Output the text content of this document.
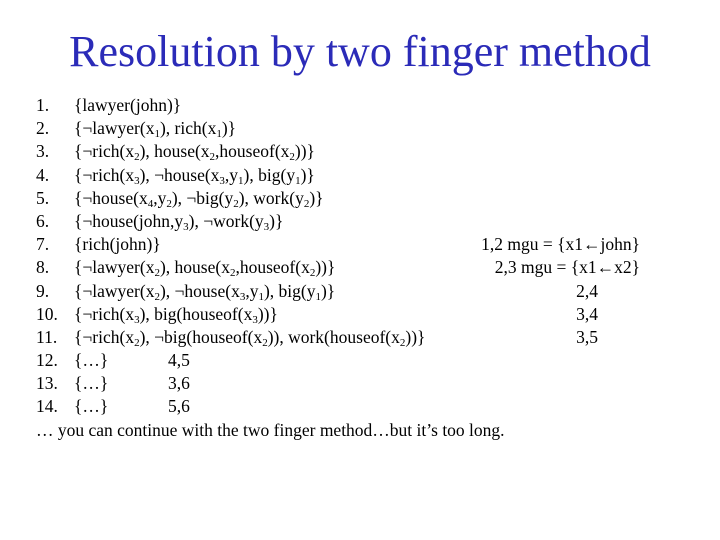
Resolution by two finger method
1. {lawyer(john)}
2. {$\neg lawyer(x_1)$, $rich(x_1)$}
3. {$\neg rich(x_2)$, $house(x_2,houseof(x_2))$}
4. {$\neg rich(x_3)$, $\neg house(x_3,y_1)$, $big(y_1)$}
5. {$\neg house(x_4,y_2)$, $\neg big(y_2)$, $work(y_2)$}
6. {$\neg house(john,y_3)$, $\neg work(y_3)$}
7. {rich(john)}	1,2 mgu = {x1←john}
8. {$\neg lawyer(x_2)$, $house(x_2,houseof(x_2))$}	2,3 mgu = {x1←x2}
9. {$\neg lawyer(x_2)$, $\neg house(x_3,y_1)$, $big(y_1)$}	2,4
10. {$\neg rich(x_3)$, $big(houseof(x_3))$}	3,4
11. {$\neg rich(x_2)$, $\neg big(houseof(x_2))$, $work(houseof(x_2))$}	3,5
12. {…}	4,5
13. {…}	3,6
14. {…}	5,6
… you can continue with the two finger method…but it’s too long.
